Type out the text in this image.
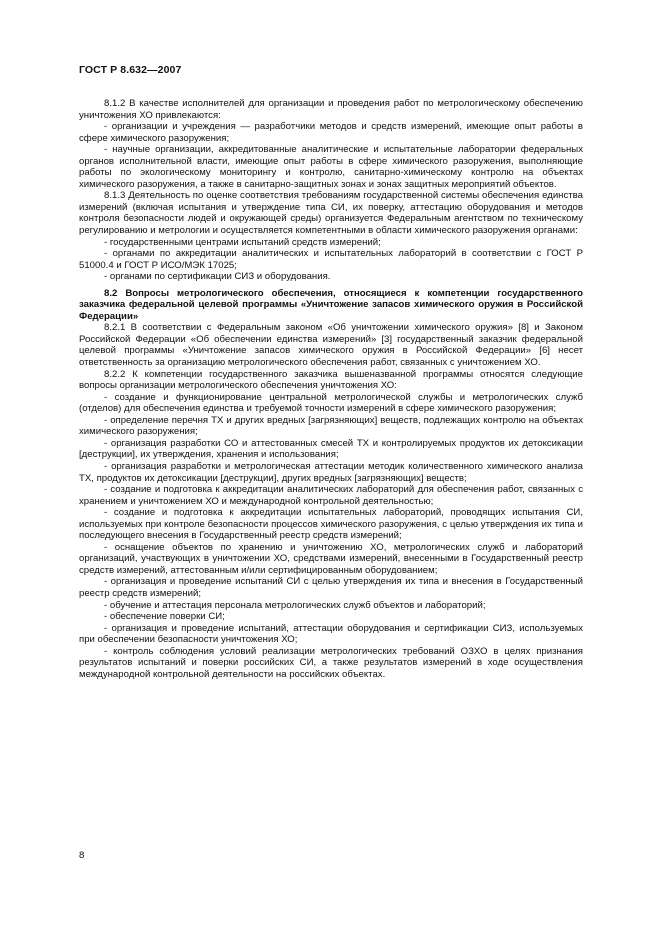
ГОСТ Р 8.632—2007

8.1.2 В качестве исполнителей для организации и проведения работ по метрологическому обеспечению уничтожения ХО привлекаются:

- организации и учреждения — разработчики методов и средств измерений, имеющие опыт работы в сфере химического разоружения;

- научные организации, аккредитованные аналитические и испытательные лаборатории федеральных органов исполнительной власти, имеющие опыт работы в сфере химического разоружения, выполняющие работы по экологическому мониторингу и контролю, санитарно-химическому контролю на объектах химического разоружения, а также в санитарно-защитных зонах и зонах защитных мероприятий объектов.

8.1.3 Деятельность по оценке соответствия требованиям государственной системы обеспечения единства измерений (включая испытания и утверждение типа СИ, их поверку, аттестацию оборудования и методов контроля безопасности людей и окружающей среды) организуется Федеральным агентством по техническому регулированию и метрологии и осуществляется компетентными в области химического разоружения органами:

- государственными центрами испытаний средств измерений;

- органами по аккредитации аналитических и испытательных лабораторий в соответствии с ГОСТ Р 51000.4 и ГОСТ Р ИСО/МЭК 17025;

- органами по сертификации СИЗ и оборудования.

8.2 Вопросы метрологического обеспечения, относящиеся к компетенции государственного заказчика федеральной целевой программы «Уничтожение запасов химического оружия в Российской Федерации»

8.2.1 В соответствии с Федеральным законом «Об уничтожении химического оружия» [8] и Законом Российской Федерации «Об обеспечении единства измерений» [3] государственный заказчик федеральной целевой программы «Уничтожение запасов химического оружия в Российской Федерации» [6] несет ответственность за организацию метрологического обеспечения работ, связанных с уничтожением ХО.

8.2.2 К компетенции государственного заказчика вышеназванной программы относятся следующие вопросы организации метрологического обеспечения уничтожения ХО:

- создание и функционирование центральной метрологической службы и метрологических служб (отделов) для обеспечения единства и требуемой точности измерений в сфере химического разоружения;

- определение перечня ТХ и других вредных [загрязняющих] веществ, подлежащих контролю на объектах химического разоружения;

- организация разработки СО и аттестованных смесей ТХ и контролируемых продуктов их детоксикации [деструкции], их утверждения, хранения и использования;

- организация разработки и метрологическая аттестации методик количественного химического анализа ТХ, продуктов их детоксикации [деструкции], других вредных [загрязняющих] веществ;

- создание и подготовка к аккредитации аналитических лабораторий для обеспечения работ, связанных с хранением и уничтожением ХО и международной контрольной деятельностью;

- создание и подготовка к аккредитации испытательных лабораторий, проводящих испытания СИ, используемых при контроле безопасности процессов химического разоружения, с целью утверждения их типа и последующего внесения в Государственный реестр средств измерений;

- оснащение объектов по хранению и уничтожению ХО, метрологических служб и лабораторий организаций, участвующих в уничтожении ХО, средствами измерений, внесенными в Государственный реестр средств измерений, аттестованным и/или сертифицированным оборудованием;

- организация и проведение испытаний СИ с целью утверждения их типа и внесения в Государственный реестр средств измерений;

- обучение и аттестация персонала метрологических служб объектов и лабораторий;

- обеспечение поверки СИ;

- организация и проведение испытаний, аттестации оборудования и сертификации СИЗ, используемых при обеспечении безопасности уничтожения ХО;

- контроль соблюдения условий реализации метрологических требований ОЗХО в целях признания результатов испытаний и поверки российских СИ, а также результатов измерений в ходе осуществления международной контрольной деятельности на российских объектах.

8
